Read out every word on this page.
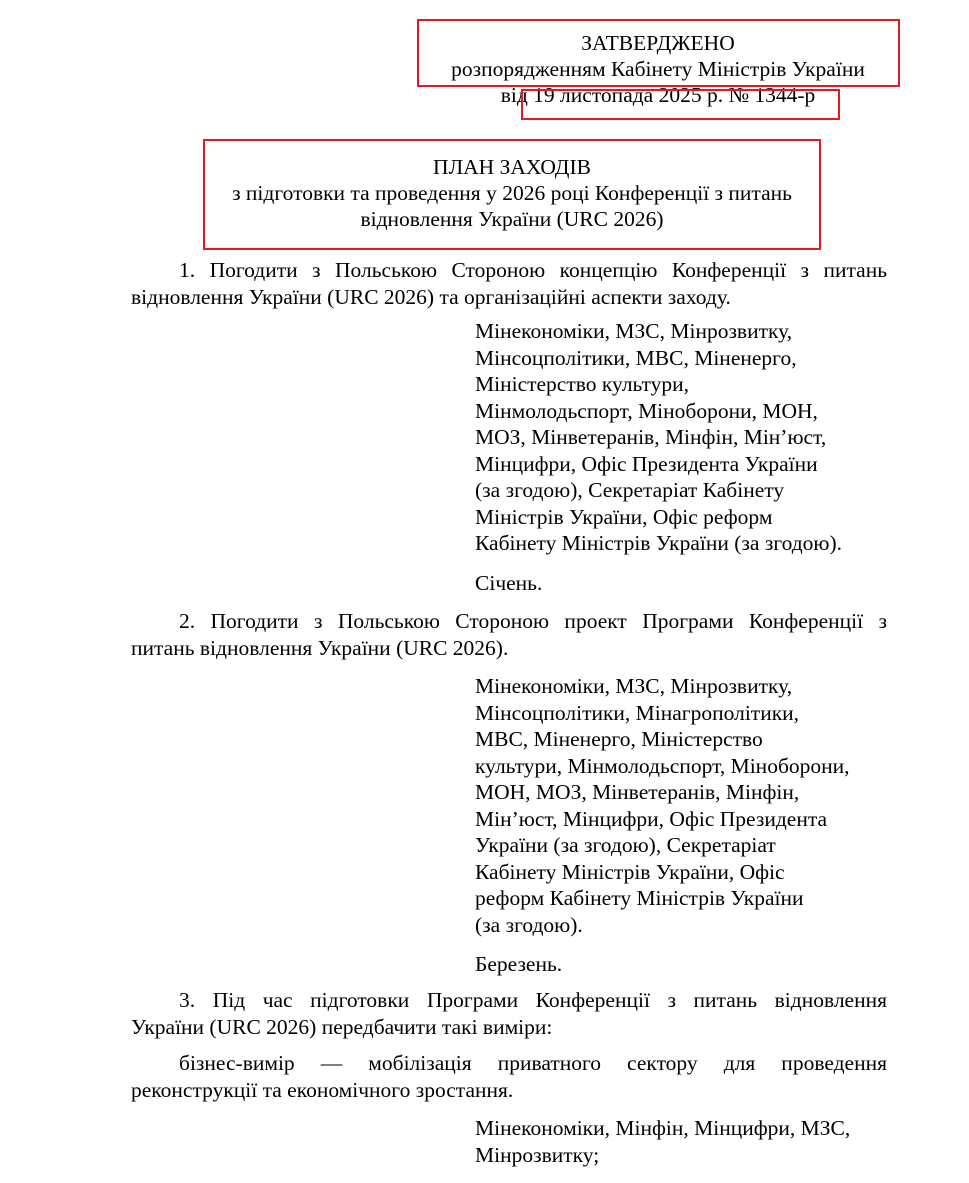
ЗАТВЕРДЖЕНО
розпорядженням Кабінету Міністрів України
від 19 листопада 2025 р. № 1344-р
ПЛАН ЗАХОДІВ
з підготовки та проведення у 2026 році Конференції з питань
відновлення України (URC 2026)
1. Погодити з Польською Стороною концепцію Конференції з питань
відновлення України (URC 2026) та організаційні аспекти заходу.
Мінекономіки, МЗС, Мінрозвитку,
Мінсоцполітики, МВС, Міненерго,
Міністерство культури,
Мінмолодьспорт, Міноборони, МОН,
МОЗ, Мінветеранів, Мінфін, Мін’юст,
Мінцифри, Офіс Президента України
(за згодою), Секретаріат Кабінету
Міністрів України, Офіс реформ
Кабінету Міністрів України (за згодою).
Січень.
2. Погодити з Польською Стороною проект Програми Конференції з
питань відновлення України (URC 2026).
Мінекономіки, МЗС, Мінрозвитку,
Мінсоцполітики, Мінагрополітики,
МВС, Міненерго, Міністерство
культури, Мінмолодьспорт, Міноборони,
МОН, МОЗ, Мінветеранів, Мінфін,
Мін’юст, Мінцифри, Офіс Президента
України (за згодою), Секретаріат
Кабінету Міністрів України, Офіс
реформ Кабінету Міністрів України
(за згодою).
Березень.
3. Під час підготовки Програми Конференції з питань відновлення
України (URC 2026) передбачити такі виміри:
бізнес-вимір — мобілізація приватного сектору для проведення
реконструкції та економічного зростання.
Мінекономіки, Мінфін, Мінцифри, МЗС,
Мінрозвитку;
